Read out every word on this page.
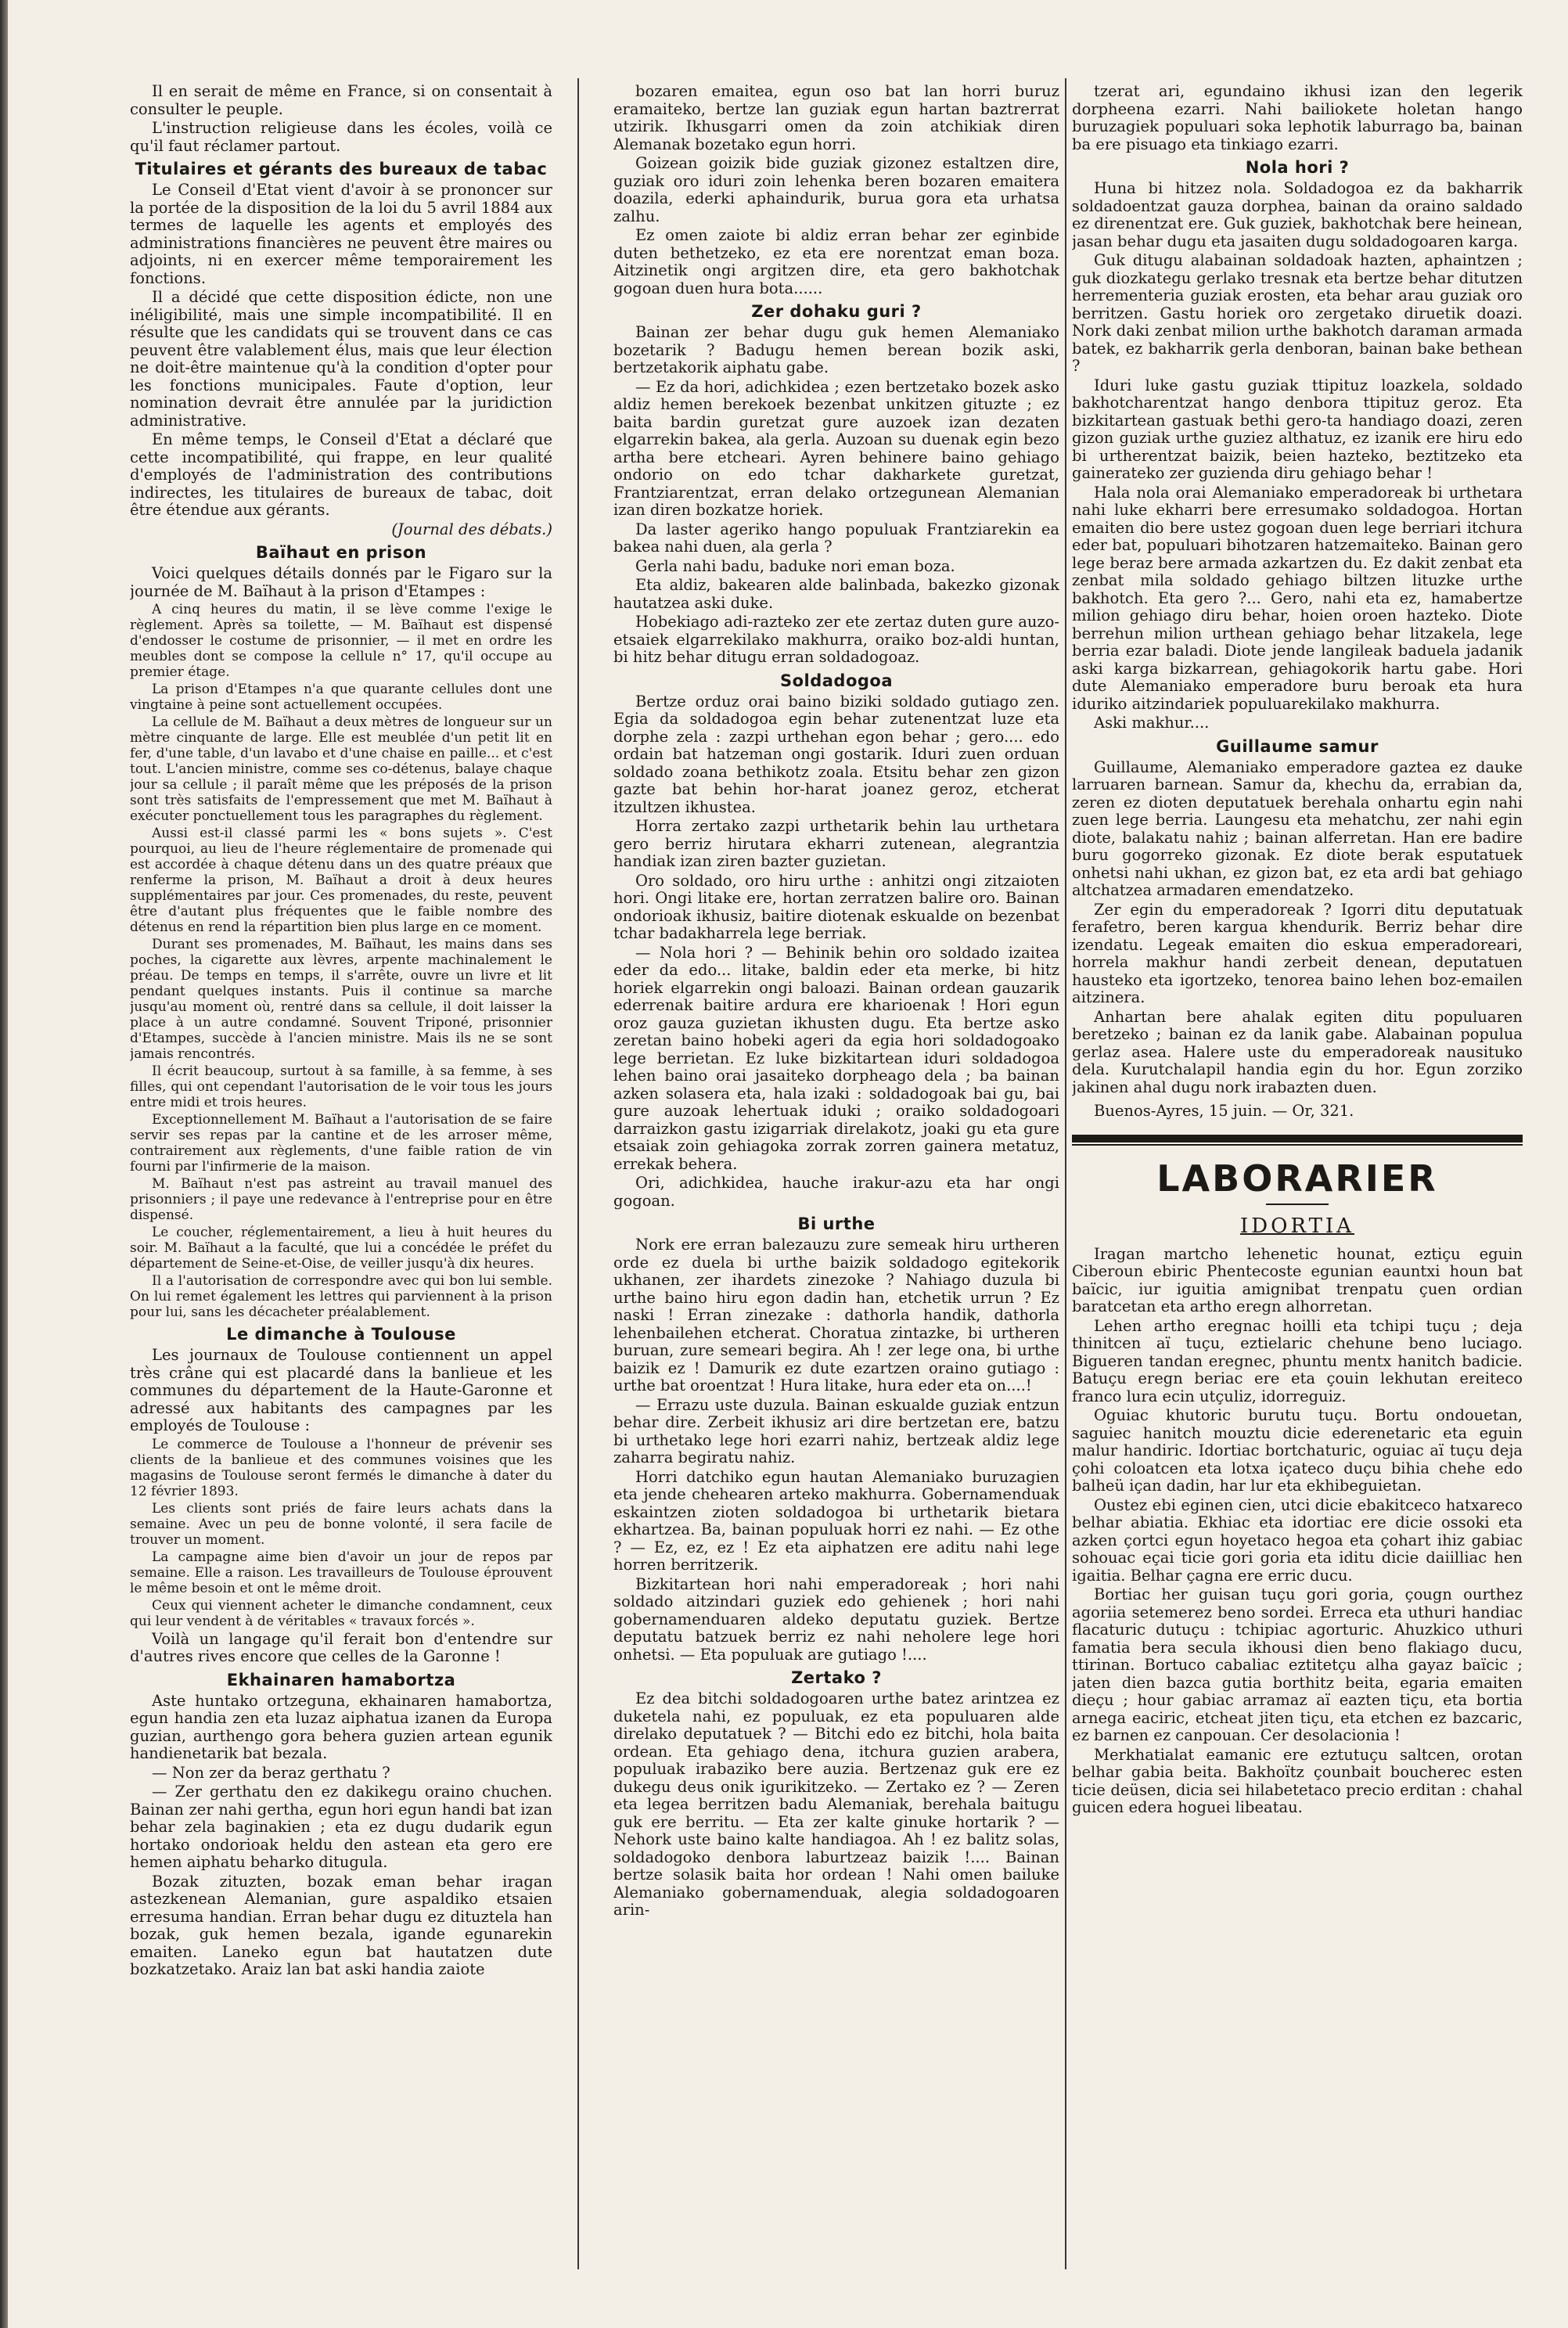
Il en serait de même en France, si on consentait à consulter le peuple.

L'instruction religieuse dans les écoles, voilà ce qu'il faut réclamer partout.

Titulaires et gérants des bureaux de tabac

Le Conseil d'Etat vient d'avoir à se prononcer sur la portée de la disposition de la loi du 5 avril 1884 aux termes de laquelle les agents et employés des administrations financières ne peuvent être maires ou adjoints, ni en exercer même temporairement les fonctions.

Il a décidé que cette disposition édicte, non une inéligibilité, mais une simple incompatibilité. Il en résulte que les candidats qui se trouvent dans ce cas peuvent être valablement élus, mais que leur élection ne doit-être maintenue qu'à la condition d'opter pour les fonctions municipales. Faute d'option, leur nomination devrait être annulée par la juridiction administrative.

En même temps, le Conseil d'Etat a déclaré que cette incompatibilité, qui frappe, en leur qualité d'employés de l'administration des contributions indirectes, les titulaires de bureaux de tabac, doit être étendue aux gérants.

(Journal des débats.)
Baïhaut en prison

Voici quelques détails donnés par le Figaro sur la journée de M. Baïhaut à la prison d'Etampes :

A cinq heures du matin, il se lève comme l'exige le règlement. Après sa toilette, — M. Baïhaut est dispensé d'endosser le costume de prisonnier, — il met en ordre les meubles dont se compose la cellule n° 17, qu'il occupe au premier étage.

La prison d'Etampes n'a que quarante cellules dont une vingtaine à peine sont actuellement occupées.

La cellule de M. Baïhaut a deux mètres de longueur sur un mètre cinquante de large. Elle est meublée d'un petit lit en fer, d'une table, d'un lavabo et d'une chaise en paille... et c'est tout. L'ancien ministre, comme ses co-détenus, balaye chaque jour sa cellule ; il paraît même que les préposés de la prison sont très satisfaits de l'empressement que met M. Baïhaut à exécuter ponctuellement tous les paragraphes du règlement.

Aussi est-il classé parmi les « bons sujets ». C'est pourquoi, au lieu de l'heure réglementaire de promenade qui est accordée à chaque détenu dans un des quatre préaux que renferme la prison, M. Baïhaut a droit à deux heures supplémentaires par jour. Ces promenades, du reste, peuvent être d'autant plus fréquentes que le faible nombre des détenus en rend la répartition bien plus large en ce moment.

Durant ses promenades, M. Baïhaut, les mains dans ses poches, la cigarette aux lèvres, arpente machinalement le préau. De temps en temps, il s'arrête, ouvre un livre et lit pendant quelques instants. Puis il continue sa marche jusqu'au moment où, rentré dans sa cellule, il doit laisser la place à un autre condamné. Souvent Triponé, prisonnier d'Etampes, succède à l'ancien ministre. Mais ils ne se sont jamais rencontrés.

Il écrit beaucoup, surtout à sa famille, à sa femme, à ses filles, qui ont cependant l'autorisation de le voir tous les jours entre midi et trois heures.

Exceptionnellement M. Baïhaut a l'autorisation de se faire servir ses repas par la cantine et de les arroser même, contrairement aux règlements, d'une faible ration de vin fourni par l'infirmerie de la maison.

M. Baïhaut n'est pas astreint au travail manuel des prisonniers ; il paye une redevance à l'entreprise pour en être dispensé.

Le coucher, réglementairement, a lieu à huit heures du soir. M. Baïhaut a la faculté, que lui a concédée le préfet du département de Seine-et-Oise, de veiller jusqu'à dix heures.

Il a l'autorisation de correspondre avec qui bon lui semble. On lui remet également les lettres qui parviennent à la prison pour lui, sans les décacheter préalablement.

Le dimanche à Toulouse

Les journaux de Toulouse contiennent un appel très crâne qui est placardé dans la banlieue et les communes du département de la Haute-Garonne et adressé aux habitants des campagnes par les employés de Toulouse :

Le commerce de Toulouse a l'honneur de prévenir ses clients de la banlieue et des communes voisines que les magasins de Toulouse seront fermés le dimanche à dater du 12 février 1893.

Les clients sont priés de faire leurs achats dans la semaine. Avec un peu de bonne volonté, il sera facile de trouver un moment.

La campagne aime bien d'avoir un jour de repos par semaine. Elle a raison. Les travailleurs de Toulouse éprouvent le même besoin et ont le même droit.

Ceux qui viennent acheter le dimanche condamnent, ceux qui leur vendent à de véritables « travaux forcés ».

Voilà un langage qu'il ferait bon d'entendre sur d'autres rives encore que celles de la Garonne !

Ekhainaren hamabortza

Aste huntako ortzeguna, ekhainaren hamabortza, egun handia zen eta luzaz aiphatua izanen da Europa guzian, aurthengo gora behera guzien artean egunik handienetarik bat bezala.

— Non zer da beraz gerthatu ?

— Zer gerthatu den ez dakikegu oraino chuchen. Bainan zer nahi gertha, egun hori egun handi bat izan behar zela baginakien ; eta ez dugu dudarik egun hortako ondorioak heldu den astean eta gero ere hemen aiphatu beharko ditugula.

Bozak zituzten, bozak eman behar iragan astezkenean Alemanian, gure aspaldiko etsaien erresuma handian. Erran behar dugu ez dituztela han bozak, guk hemen bezala, igande egunarekin emaiten. Laneko egun bat hautatzen dute bozkatzetako. Araiz lan bat aski handia zaiote

bozaren emaitea, egun oso bat lan horri buruz eramaiteko, bertze lan guziak egun hartan baztrerrat utzirik. Ikhusgarri omen da zoin atchikiak diren Alemanak bozetako egun horri.

Goizean goizik bide guziak gizonez estaltzen dire, guziak oro iduri zoin lehenka beren bozaren emaitera doazila, ederki aphaindurik, burua gora eta urhatsa zalhu.

Ez omen zaiote bi aldiz erran behar zer eginbide duten bethetzeko, ez eta ere norentzat eman boza. Aitzinetik ongi argitzen dire, eta gero bakhotchak gogoan duen hura bota......

Zer dohaku guri ?

Bainan zer behar dugu guk hemen Alemaniako bozetarik ? Badugu hemen berean bozik aski, bertzetakorik aiphatu gabe.

— Ez da hori, adichkidea ; ezen bertzetako bozek asko aldiz hemen berekoek bezenbat unkitzen gituzte ; ez baita bardin guretzat gure auzoek izan dezaten elgarrekin bakea, ala gerla. Auzoan su duenak egin bezo artha bere etcheari. Ayren behinere baino gehiago ondorio on edo tchar dakharkete guretzat, Frantziarentzat, erran delako ortzegunean Alemanian izan diren bozkatze horiek.

Da laster ageriko hango populuak Frantziarekin ea bakea nahi duen, ala gerla ?

Gerla nahi badu, baduke nori eman boza.

Eta aldiz, bakearen alde balinbada, bakezko gizonak hautatzea aski duke.

Hobekiago adi-razteko zer ete zertaz duten gure auzo-etsaiek elgarrekilako makhurra, oraiko boz-aldi huntan, bi hitz behar ditugu erran soldadogoaz.

Soldadogoa

Bertze orduz orai baino biziki soldado gutiago zen. Egia da soldadogoa egin behar zutenentzat luze eta dorphe zela : zazpi urthehan egon behar ; gero.... edo ordain bat hatzeman ongi gostarik. Iduri zuen orduan soldado zoana bethikotz zoala. Etsitu behar zen gizon gazte bat behin hor-harat joanez geroz, etcherat itzultzen ikhustea.

Horra zertako zazpi urthetarik behin lau urthetara gero berriz hirutara ekharri zutenean, alegrantzia handiak izan ziren bazter guzietan.

Oro soldado, oro hiru urthe : anhitzi ongi zitzaioten hori. Ongi litake ere, hortan zerratzen balire oro. Bainan ondorioak ikhusiz, baitire diotenak eskualde on bezenbat tchar badakharrela lege berriak.

— Nola hori ? — Behinik behin oro soldado izaitea eder da edo... litake, baldin eder eta merke, bi hitz horiek elgarrekin ongi baloazi. Bainan ordean gauzarik ederrenak baitire ardura ere kharioenak ! Hori egun oroz gauza guzietan ikhusten dugu. Eta bertze asko zeretan baino hobeki ageri da egia hori soldadogoako lege berrietan. Ez luke bizkitartean iduri soldadogoa lehen baino orai jasaiteko dorpheago dela ; ba bainan azken solasera eta, hala izaki : soldadogoak bai gu, bai gure auzoak lehertuak iduki ; oraiko soldadogoari darraizkon gastu izigarriak direlakotz, joaki gu eta gure etsaiak zoin gehiagoka zorrak zorren gainera metatuz, errekak behera.

Ori, adichkidea, hauche irakur-azu eta har ongi gogoan.

Bi urthe

Nork ere erran balezauzu zure semeak hiru urtheren orde ez duela bi urthe baizik soldadogo egitekorik ukhanen, zer ihardets zinezoke ? Nahiago duzula bi urthe baino hiru egon dadin han, etchetik urrun ? Ez naski ! Erran zinezake : dathorla handik, dathorla lehenbailehen etcherat. Choratua zintazke, bi urtheren buruan, zure semeari begira. Ah ! zer lege ona, bi urthe baizik ez ! Damurik ez dute ezartzen oraino gutiago : urthe bat oroentzat ! Hura litake, hura eder eta on....!

— Errazu uste duzula. Bainan eskualde guziak entzun behar dire. Zerbeit ikhusiz ari dire bertzetan ere, batzu bi urthetako lege hori ezarri nahiz, bertzeak aldiz lege zaharra begiratu nahiz.

Horri datchiko egun hautan Alemaniako buruzagien eta jende chehearen arteko makhurra. Gobernamenduak eskaintzen zioten soldadogoa bi urthetarik bietara ekhartzea. Ba, bainan populuak horri ez nahi. — Ez othe ? — Ez, ez, ez ! Ez eta aiphatzen ere aditu nahi lege horren berritzerik.

Bizkitartean hori nahi emperadoreak ; hori nahi soldado aitzindari guziek edo gehienek ; hori nahi gobernamenduaren aldeko deputatu guziek. Bertze deputatu batzuek berriz ez nahi neholere lege hori onhetsi. — Eta populuak are gutiago !....

Zertako ?

Ez dea bitchi soldadogoaren urthe batez arintzea ez duketela nahi, ez populuak, ez eta populuaren alde direlako deputatuek ? — Bitchi edo ez bitchi, hola baita ordean. Eta gehiago dena, itchura guzien arabera, populuak irabaziko bere auzia. Bertzenaz guk ere ez dukegu deus onik igurikitzeko. — Zertako ez ? — Zeren eta legea berritzen badu Alemaniak, berehala baitugu guk ere berritu. — Eta zer kalte ginuke hortarik ? — Nehork uste baino kalte handiagoa. Ah ! ez balitz solas, soldadogoko denbora laburtzeaz baizik !.... Bainan bertze solasik baita hor ordean ! Nahi omen bailuke Alemaniako gobernamenduak, alegia soldadogoaren arin-

tzerat ari, egundaino ikhusi izan den legerik dorpheena ezarri. Nahi bailiokete holetan hango buruzagiek populuari soka lephotik laburrago ba, bainan ba ere pisuago eta tinkiago ezarri.

Nola hori ?

Huna bi hitzez nola. Soldadogoa ez da bakharrik soldadoentzat gauza dorphea, bainan da oraino saldado ez direnentzat ere. Guk guziek, bakhotchak bere heinean, jasan behar dugu eta jasaiten dugu soldadogoaren karga.

Guk ditugu alabainan soldadoak hazten, aphaintzen ; guk diozkategu gerlako tresnak eta bertze behar ditutzen herrementeria guziak erosten, eta behar arau guziak oro berritzen. Gastu horiek oro zergetako diruetik doazi. Nork daki zenbat milion urthe bakhotch daraman armada batek, ez bakharrik gerla denboran, bainan bake bethean ?

Iduri luke gastu guziak ttipituz loazkela, soldado bakhotcharentzat hango denbora ttipituz geroz. Eta bizkitartean gastuak bethi gero-ta handiago doazi, zeren gizon guziak urthe guziez althatuz, ez izanik ere hiru edo bi urtherentzat baizik, beien hazteko, beztitzeko eta gainerateko zer guzienda diru gehiago behar !

Hala nola orai Alemaniako emperadoreak bi urthetara nahi luke ekharri bere erresumako soldadogoa. Hortan emaiten dio bere ustez gogoan duen lege berriari itchura eder bat, populuari bihotzaren hatzemaiteko. Bainan gero lege beraz bere armada azkartzen du. Ez dakit zenbat eta zenbat mila soldado gehiago biltzen lituzke urthe bakhotch. Eta gero ?... Gero, nahi eta ez, hamabertze milion gehiago diru behar, hoien oroen hazteko. Diote berrehun milion urthean gehiago behar litzakela, lege berria ezar baladi. Diote jende langileak baduela jadanik aski karga bizkarrean, gehiagokorik hartu gabe. Hori dute Alemaniako emperadore buru beroak eta hura iduriko aitzindariek populuarekilako makhurra.

Aski makhur....

Guillaume samur

Guillaume, Alemaniako emperadore gaztea ez dauke larruaren barnean. Samur da, khechu da, errabian da, zeren ez dioten deputatuek berehala onhartu egin nahi zuen lege berria. Laungesu eta mehatchu, zer nahi egin diote, balakatu nahiz ; bainan alferretan. Han ere badire buru gogorreko gizonak. Ez diote berak esputatuek onhetsi nahi ukhan, ez gizon bat, ez eta ardi bat gehiago altchatzea armadaren emendatzeko.

Zer egin du emperadoreak ? Igorri ditu deputatuak ferafetro, beren kargua khendurik. Berriz behar dire izendatu. Legeak emaiten dio eskua emperadoreari, horrela makhur handi zerbeit denean, deputatuen hausteko eta igortzeko, tenorea baino lehen boz-emailen aitzinera.

Anhartan bere ahalak egiten ditu populuaren beretzeko ; bainan ez da lanik gabe. Alabainan populua gerlaz asea. Halere uste du emperadoreak nausituko dela. Kurutchalapil handia egin du hor. Egun zorziko jakinen ahal dugu nork irabazten duen.

Buenos-Ayres, 15 juin. — Or, 321.
LABORARIER
IDORTIA

Iragan martcho lehenetic hounat, eztiçu eguin Ciberoun ebiric Phentecoste egunian eauntxi houn bat baïcic, iur iguitia amignibat trenpatu çuen ordian baratcetan eta artho eregn alhorretan.

Lehen artho eregnac hoilli eta tchipi tuçu ; deja thinitcen aï tuçu, eztielaric chehune beno luciago. Bigueren tandan eregnec, phuntu mentx hanitch badicie. Batuçu eregn beriac ere eta çouin lekhutan ereiteco franco lura ecin utçuliz, idorreguiz.

Oguiac khutoric burutu tuçu. Bortu ondouetan, saguiec hanitch mouztu dicie ederenetaric eta eguin malur handiric. Idortiac bortchaturic, oguiac aï tuçu deja çohi coloatcen eta lotxa içateco duçu bihia chehe edo balheü içan dadin, har lur eta ekhibeguietan.

Oustez ebi eginen cien, utci dicie ebakitceco hatxareco belhar abiatia. Ekhiac eta idortiac ere dicie ossoki eta azken çortci egun hoyetaco hegoa eta çohart ihiz gabiac sohouac eçai ticie gori goria eta iditu dicie daiilliac hen igaitia. Belhar çagna ere erric ducu.

Bortiac her guisan tuçu gori goria, çougn ourthez agoriia setemerez beno sordei. Erreca eta uthuri handiac flacaturic dutuçu : tchipiac agorturic. Ahuzkico uthuri famatia bera secula ikhousi dien beno flakiago ducu, ttirinan. Bortuco cabaliac eztitetçu alha gayaz baïcic ; jaten dien bazca gutia borthitz beita, egaria emaiten dieçu ; hour gabiac arramaz aï eazten tiçu, eta bortia arnega eaciric, etcheat jiten tiçu, eta etchen ez bazcaric, ez barnen ez canpouan. Cer desolacionia !

Merkhatialat eamanic ere eztutuçu saltcen, orotan belhar gabia beita. Bakhoïtz çounbait boucherec esten ticie deüsen, dicia sei hilabetetaco precio erditan : chahal guicen edera hoguei libeatau.
